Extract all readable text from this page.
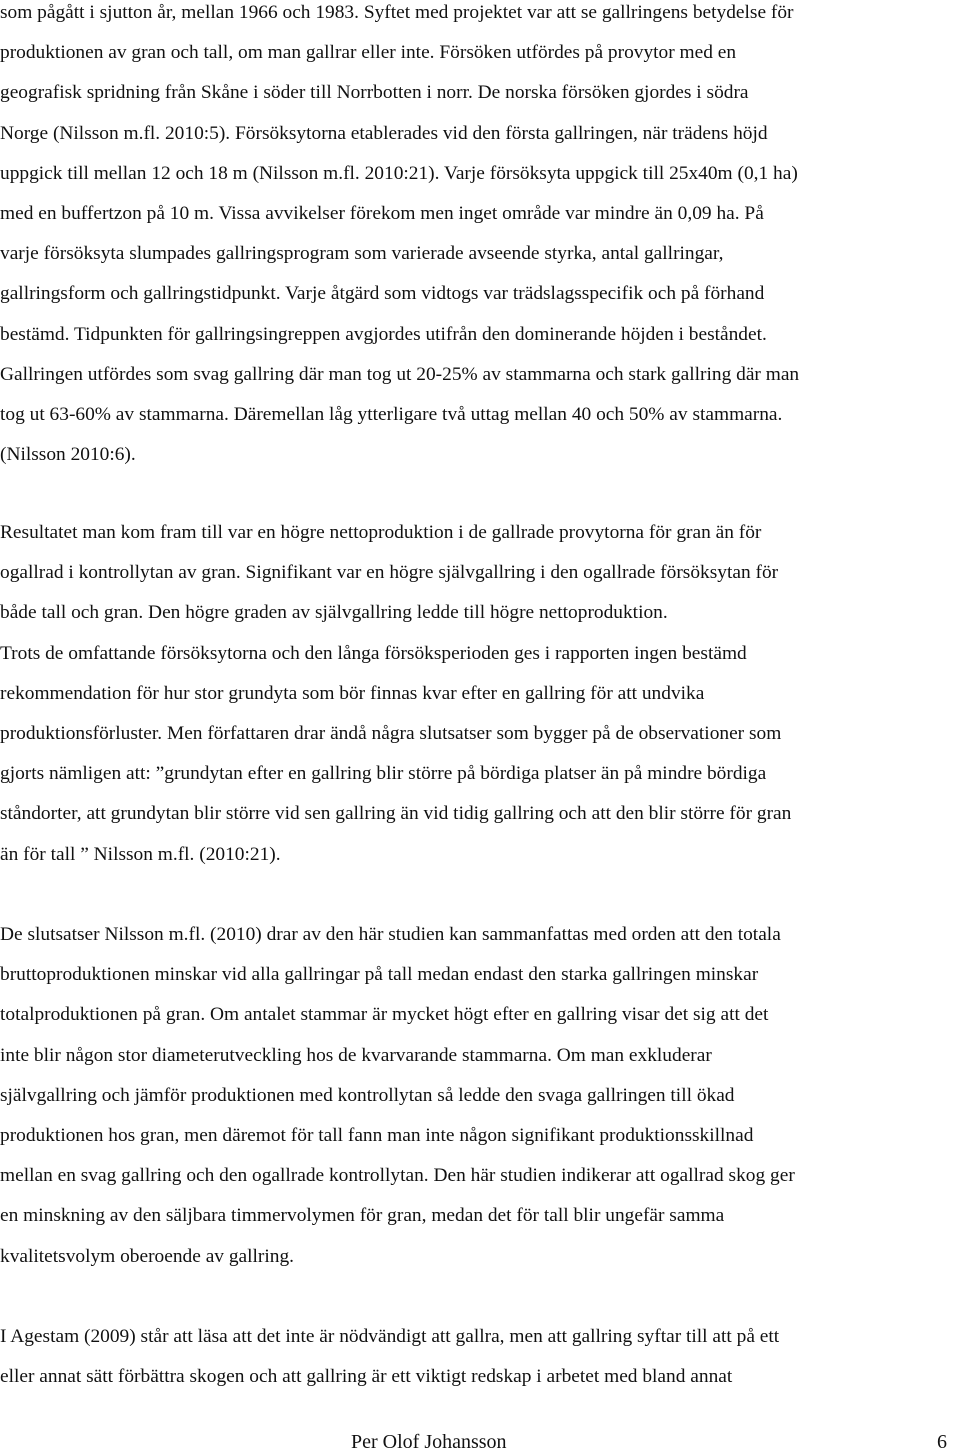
som pågått i sjutton år, mellan 1966 och 1983. Syftet med projektet var att se gallringens betydelse för
produktionen av gran och tall, om man gallrar eller inte. Försöken utfördes på provytor med en
geografisk spridning från Skåne i söder till Norrbotten i norr. De norska försöken gjordes i södra
Norge (Nilsson m.fl. 2010:5). Försöksytorna etablerades vid den första gallringen, när trädens höjd
uppgick till mellan 12 och 18 m (Nilsson m.fl. 2010:21). Varje försöksyta uppgick till 25x40m (0,1 ha)
med en buffertzon på 10 m. Vissa avvikelser förekom men inget område var mindre än 0,09 ha. På
varje försöksyta slumpades gallringsprogram som varierade avseende styrka, antal gallringar,
gallringsform och gallringstidpunkt. Varje åtgärd som vidtogs var trädslagsspecifik och på förhand
bestämd. Tidpunkten för gallringsingreppen avgjordes utifrån den dominerande höjden i beståndet.
Gallringen utfördes som svag gallring där man tog ut 20-25% av stammarna och stark gallring där man
tog ut 63-60% av stammarna. Däremellan låg ytterligare två uttag mellan 40 och 50% av stammarna.
(Nilsson 2010:6).
Resultatet man kom fram till var en högre nettoproduktion i de gallrade provytorna för gran än för
ogallrad i kontrollytan av gran. Signifikant var en högre självgallring i den ogallrade försöksytan för
både tall och gran. Den högre graden av självgallring ledde till högre nettoproduktion.
Trots de omfattande försöksytorna och den långa försöksperioden ges i rapporten ingen bestämd
rekommendation för hur stor grundyta som bör finnas kvar efter en gallring för att undvika
produktionsförluster. Men författaren drar ändå några slutsatser som bygger på de observationer som
gjorts nämligen att: ”grundytan efter en gallring blir större på bördiga platser än på mindre bördiga
ståndorter, att grundytan blir större vid sen gallring än vid tidig gallring och att den blir större för gran
än för tall ” Nilsson m.fl. (2010:21).
De slutsatser Nilsson m.fl. (2010) drar av den här studien kan sammanfattas med orden att den totala
bruttoproduktionen minskar vid alla gallringar på tall medan endast den starka gallringen minskar
totalproduktionen på gran. Om antalet stammar är mycket högt efter en gallring visar det sig att det
inte blir någon stor diameterutveckling hos de kvarvarande stammarna. Om man exkluderar
självgallring och jämför produktionen med kontrollytan så ledde den svaga gallringen till ökad
produktionen hos gran, men däremot för tall fann man inte någon signifikant produktionsskillnad
mellan en svag gallring och den ogallrade kontrollytan. Den här studien indikerar att ogallrad skog ger
en minskning av den säljbara timmervolymen för gran, medan det för tall blir ungefär samma
kvalitetsvolym oberoende av gallring.
I Agestam (2009) står att läsa att det inte är nödvändigt att gallra, men att gallring syftar till att på ett
eller annat sätt förbättra skogen och att gallring är ett viktigt redskap i arbetet med bland annat
Per Olof Johansson	6
